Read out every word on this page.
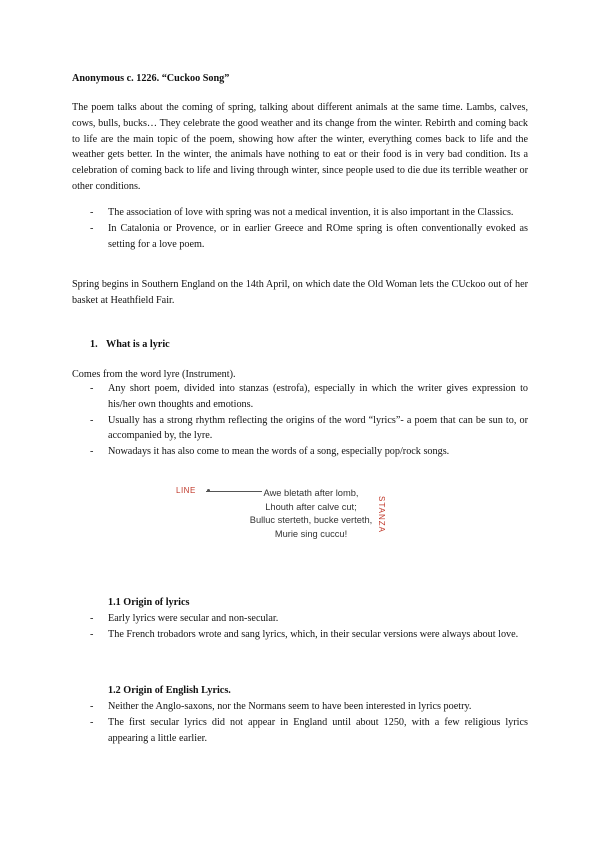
Anonymous c. 1226. “Cuckoo Song”

The poem talks about the coming of spring, talking about different animals at the same time. Lambs, calves, cows, bulls, bucks… They celebrate the good weather and its change from the winter. Rebirth and coming back to life are the main topic of the poem, showing how after the winter, everything comes back to life and the weather gets better. In the winter, the animals have nothing to eat or their food is in very bad condition. Its a celebration of coming back to life and living through winter, since people used to die due its terrible weather or other conditions.

- The association of love with spring was not a medical invention, it is also important in the Classics.
- In Catalonia or Provence, or in earlier Greece and ROme spring is often conventionally evoked as setting for a love poem.

Spring begins in Southern England on the 14th April, on which date the Old Woman lets the CUckoo out of her basket at Heathfield Fair.

1. What is a lyric

Comes from the word lyre (Instrument).

- Any short poem, divided into stanzas (estrofa), especially in which the writer gives expression to his/her own thoughts and emotions.
- Usually has a strong rhythm reflecting the origins of the word “lyrics”- a poem that can be sun to, or accompanied by, the lyre.
- Nowadays it has also come to mean the words of a song, especially pop/rock songs.
LINE	Awe bletath after lomb,
Lhouth after calve cut;
Bulluc sterteth, bucke verteth,
Murie sing cuccu!
STANZA
1.1 Origin of lyrics
- Early lyrics were secular and non-secular.
- The French trobadors wrote and sang lyrics, which, in their secular versions were always about love.
1.2 Origin of English Lyrics.
- Neither the Anglo-saxons, nor the Normans seem to have been interested in lyrics poetry.
- The first secular lyrics did not appear in England until about 1250, with a few religious lyrics appearing a little earlier.
